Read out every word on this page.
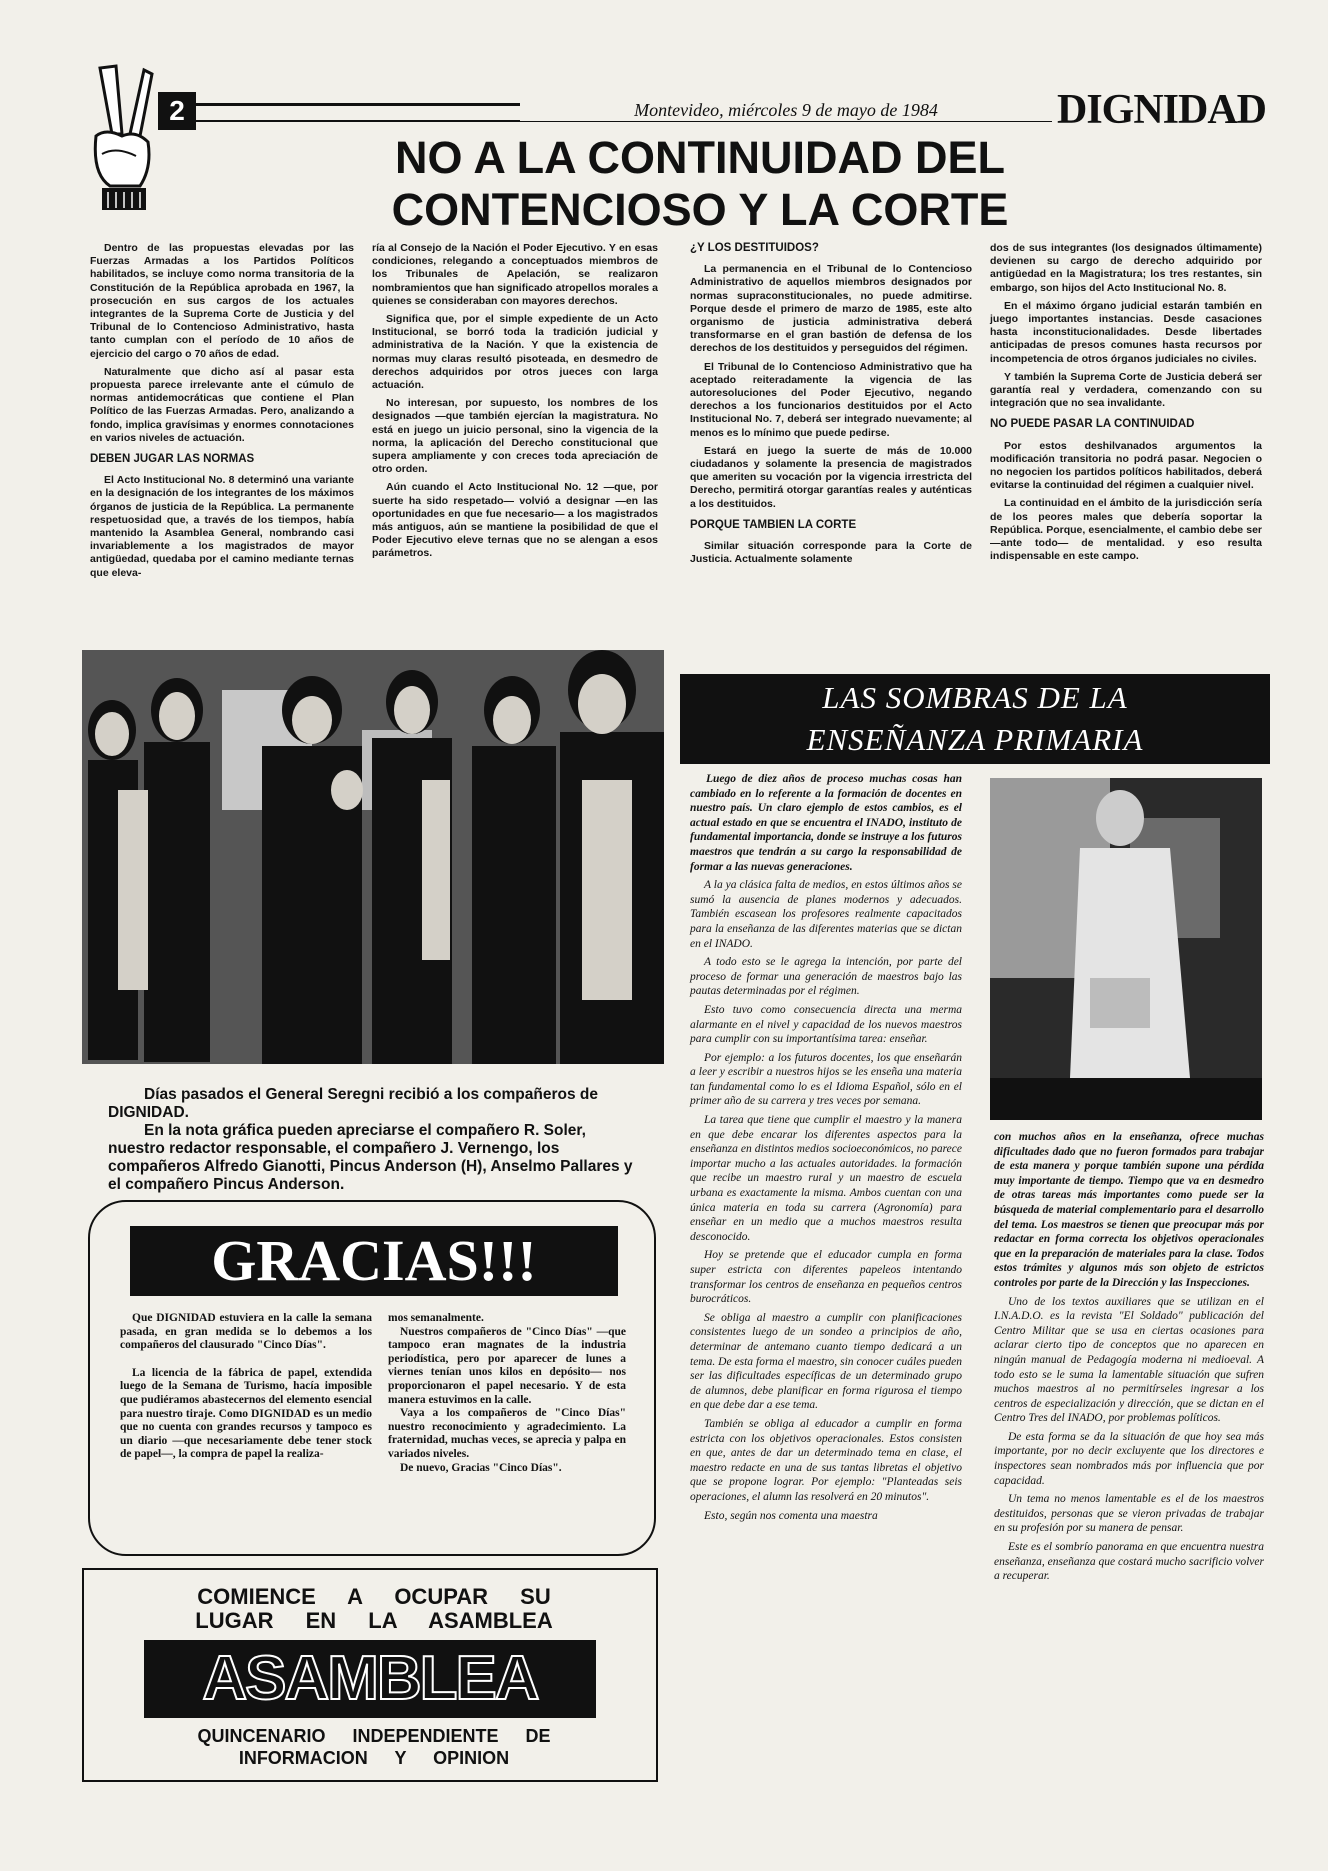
2	Montevideo, miércoles 9 de mayo de 1984	DIGNIDAD
NO A LA CONTINUIDAD DEL
CONTENCIOSO Y LA CORTE

Dentro de las propuestas elevadas por las Fuerzas Armadas a los Partidos Políticos habilitados, se incluye como norma transitoria de la Constitución de la República aprobada en 1967, la prosecución en sus cargos de los actuales integrantes de la Suprema Corte de Justicia y del Tribunal de lo Contencioso Administrativo, hasta tanto cumplan con el período de 10 años de ejercicio del cargo o 70 años de edad.

Naturalmente que dicho así al pasar esta propuesta parece irrelevante ante el cúmulo de normas antidemocráticas que contiene el Plan Político de las Fuerzas Armadas. Pero, analizando a fondo, implica gravísimas y enormes connotaciones en varios niveles de actuación.

DEBEN JUGAR LAS NORMAS

El Acto Institucional No. 8 determinó una variante en la designación de los integrantes de los máximos órganos de justicia de la República. La permanente respetuosidad que, a través de los tiempos, había mantenido la Asamblea General, nombrando casi invariablemente a los magistrados de mayor antigüedad, quedaba por el camino mediante ternas que eleva-

ría al Consejo de la Nación el Poder Ejecutivo. Y en esas condiciones, relegando a conceptuados miembros de los Tribunales de Apelación, se realizaron nombramientos que han significado atropellos morales a quienes se consideraban con mayores derechos.

Significa que, por el simple expediente de un Acto Institucional, se borró toda la tradición judicial y administrativa de la Nación. Y que la existencia de normas muy claras resultó pisoteada, en desmedro de derechos adquiridos por otros jueces con larga actuación.

No interesan, por supuesto, los nombres de los designados —que también ejercían la magistratura. No está en juego un juicio personal, sino la vigencia de la norma, la aplicación del Derecho constitucional que supera ampliamente y con creces toda apreciación de otro orden.

Aún cuando el Acto Institucional No. 12 —que, por suerte ha sido respetado— volvió a designar —en las oportunidades en que fue necesario— a los magistrados más antiguos, aún se mantiene la posibilidad de que el Poder Ejecutivo eleve ternas que no se alengan a esos parámetros.

¿Y LOS DESTITUIDOS?

La permanencia en el Tribunal de lo Contencioso Administrativo de aquellos miembros designados por normas supraconstitucionales, no puede admitirse. Porque desde el primero de marzo de 1985, este alto organismo de justicia administrativa deberá transformarse en el gran bastión de defensa de los derechos de los destituidos y perseguidos del régimen.

El Tribunal de lo Contencioso Administrativo que ha aceptado reiteradamente la vigencia de las autoresoluciones del Poder Ejecutivo, negando derechos a los funcionarios destituidos por el Acto Institucional No. 7, deberá ser integrado nuevamente; al menos es lo mínimo que puede pedirse.

Estará en juego la suerte de más de 10.000 ciudadanos y solamente la presencia de magistrados que ameriten su vocación por la vigencia irrestricta del Derecho, permitirá otorgar garantías reales y auténticas a los destituidos.

PORQUE TAMBIEN LA CORTE

Similar situación corresponde para la Corte de Justicia. Actualmente solamente

dos de sus integrantes (los designados últimamente) devienen su cargo de derecho adquirido por antigüedad en la Magistratura; los tres restantes, sin embargo, son hijos del Acto Institucional No. 8.

En el máximo órgano judicial estarán también en juego importantes instancias. Desde casaciones hasta inconstitucionalidades. Desde libertades anticipadas de presos comunes hasta recursos por incompetencia de otros órganos judiciales no civiles.

Y también la Suprema Corte de Justicia deberá ser garantía real y verdadera, comenzando con su integración que no sea invalidante.

NO PUEDE PASAR LA CONTINUIDAD

Por estos deshilvanados argumentos la modificación transitoria no podrá pasar. Negocien o no negocien los partidos políticos habilitados, deberá evitarse la continuidad del régimen a cualquier nivel.

La continuidad en el ámbito de la jurisdicción sería de los peores males que debería soportar la República. Porque, esencialmente, el cambio debe ser —ante todo— de mentalidad. y eso resulta indispensable en este campo.

Días pasados el General Seregni recibió a los compañeros de DIGNIDAD.
En la nota gráfica pueden apreciarse el compañero R. Soler, nuestro redactor responsable, el compañero J. Vernengo, los compañeros Alfredo Gianotti, Pincus Anderson (H), Anselmo Pallares y el compañero Pincus Anderson.
GRACIAS!!!

Que DIGNIDAD estuviera en la calle la semana pasada, en gran medida se lo debemos a los compañeros del clausurado "Cinco Días".

La licencia de la fábrica de papel, extendida luego de la Semana de Turismo, hacía imposible que pudiéramos abastecernos del elemento esencial para nuestro tiraje. Como DIGNIDAD es un medio que no cuenta con grandes recursos y tampoco es un diario —que necesariamente debe tener stock de papel—, la compra de papel la realiza-

mos semanalmente.

Nuestros compañeros de "Cinco Días" —que tampoco eran magnates de la industria periodística, pero por aparecer de lunes a viernes tenían unos kilos en depósito— nos proporcionaron el papel necesario. Y de esta manera estuvimos en la calle.

Vaya a los compañeros de "Cinco Días" nuestro reconocimiento y agradecimiento. La fraternidad, muchas veces, se aprecia y palpa en variados niveles.

De nuevo, Gracias "Cinco Días".

COMIENCE A OCUPAR SU
LUGAR EN LA ASAMBLEA
ASAMBLEA
QUINCENARIO INDEPENDIENTE DE
INFORMACION Y OPINION
LAS SOMBRAS DE LA
ENSEÑANZA PRIMARIA

Luego de diez años de proceso muchas cosas han cambiado en lo referente a la formación de docentes en nuestro país. Un claro ejemplo de estos cambios, es el actual estado en que se encuentra el INADO, instituto de fundamental importancia, donde se instruye a los futuros maestros que tendrán a su cargo la responsabilidad de formar a las nuevas generaciones.

A la ya clásica falta de medios, en estos últimos años se sumó la ausencia de planes modernos y adecuados. También escasean los profesores realmente capacitados para la enseñanza de las diferentes materias que se dictan en el INADO.

A todo esto se le agrega la intención, por parte del proceso de formar una generación de maestros bajo las pautas determinadas por el régimen.

Esto tuvo como consecuencia directa una merma alarmante en el nivel y capacidad de los nuevos maestros para cumplir con su importantísima tarea: enseñar.

Por ejemplo: a los futuros docentes, los que enseñarán a leer y escribir a nuestros hijos se les enseña una materia tan fundamental como lo es el Idioma Español, sólo en el primer año de su carrera y tres veces por semana.

La tarea que tiene que cumplir el maestro y la manera en que debe encarar los diferentes aspectos para la enseñanza en distintos medios socioeconómicos, no parece importar mucho a las actuales autoridades. la formación que recibe un maestro rural y un maestro de escuela urbana es exactamente la misma. Ambos cuentan con una única materia en toda su carrera (Agronomía) para enseñar en un medio que a muchos maestros resulta desconocido.

Hoy se pretende que el educador cumpla en forma super estricta con diferentes papeleos intentando transformar los centros de enseñanza en pequeños centros burocráticos.

Se obliga al maestro a cumplir con planificaciones consistentes luego de un sondeo a principios de año, determinar de antemano cuanto tiempo dedicará a un tema. De esta forma el maestro, sin conocer cuáles pueden ser las dificultades específicas de un determinado grupo de alumnos, debe planificar en forma rigurosa el tiempo en que debe dar a ese tema.

También se obliga al educador a cumplir en forma estricta con los objetivos operacionales. Estos consisten en que, antes de dar un determinado tema en clase, el maestro redacte en una de sus tantas libretas el objetivo que se propone lograr. Por ejemplo: "Planteadas seis operaciones, el alumn las resolverá en 20 minutos".

Esto, según nos comenta una maestra

con muchos años en la enseñanza, ofrece muchas dificultades dado que no fueron formados para trabajar de esta manera y porque también supone una pérdida muy importante de tiempo. Tiempo que va en desmedro de otras tareas más importantes como puede ser la búsqueda de material complementario para el desarrollo del tema. Los maestros se tienen que preocupar más por redactar en forma correcta los objetivos operacionales que en la preparación de materiales para la clase. Todos estos trámites y algunos más son objeto de estrictos controles por parte de la Dirección y las Inspecciones.

Uno de los textos auxiliares que se utilizan en el I.N.A.D.O. es la revista "El Soldado" publicación del Centro Militar que se usa en ciertas ocasiones para aclarar cierto tipo de conceptos que no aparecen en ningún manual de Pedagogía moderna ni medioeval. A todo esto se le suma la lamentable situación que sufren muchos maestros al no permitírseles ingresar a los centros de especialización y dirección, que se dictan en el Centro Tres del INADO, por problemas políticos.

De esta forma se da la situación de que hoy sea más importante, por no decir excluyente que los directores e inspectores sean nombrados más por influencia que por capacidad.

Un tema no menos lamentable es el de los maestros destituidos, personas que se vieron privadas de trabajar en su profesión por su manera de pensar.

Este es el sombrío panorama en que encuentra nuestra enseñanza, enseñanza que costará mucho sacrificio volver a recuperar.
